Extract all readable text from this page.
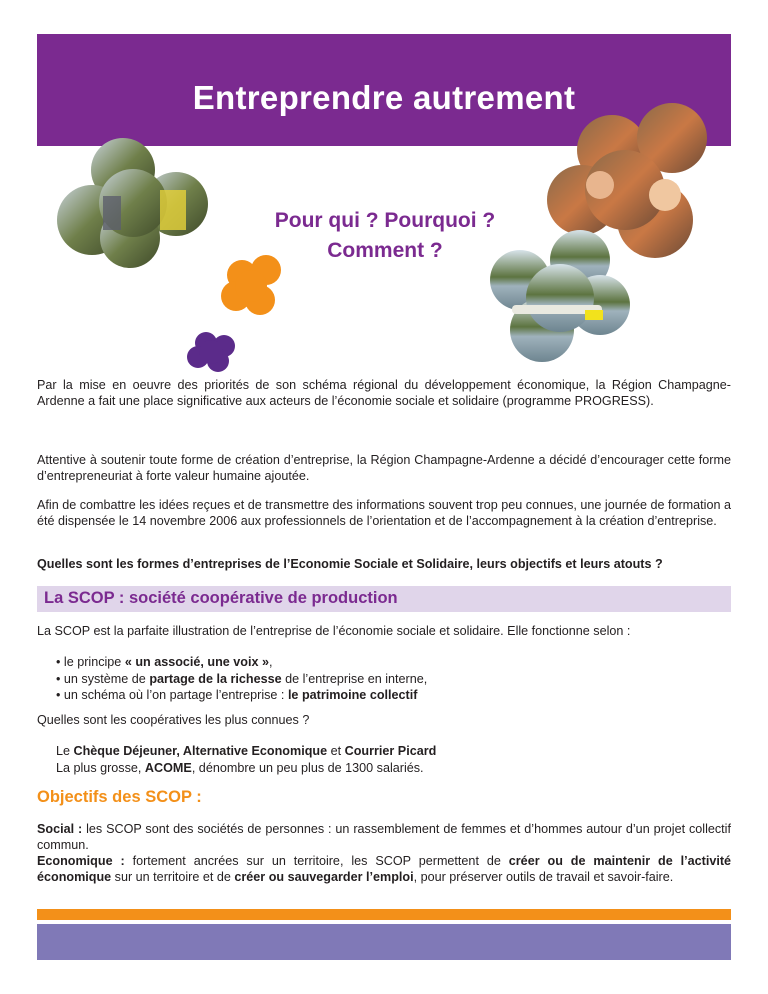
Entreprendre autrement
Pour qui ? Pourquoi ?
Comment ?

Par la mise en oeuvre des priorités de son schéma régional du développement économique, la Région Champagne-Ardenne a fait une place significative aux acteurs de l’économie sociale et solidaire (programme PROGRESS).

Attentive à soutenir toute forme de création d’entreprise, la Région Champagne-Ardenne a décidé d’encourager cette forme d’entrepreneuriat à forte valeur humaine ajoutée.

Afin de combattre les idées reçues et de transmettre des informations souvent trop peu connues, une journée de formation a été dispensée le 14 novembre 2006 aux professionnels de l’orientation et de l’accompagnement à la création d’entreprise.

Quelles sont les formes d’entreprises de l’Economie Sociale et Solidaire, leurs objectifs et leurs atouts ?

La SCOP : société coopérative de production

La SCOP est la parfaite illustration de l’entreprise de l’économie sociale et solidaire. Elle fonctionne selon :

• le principe « un associé, une voix »,
• un système de partage de la richesse de l’entreprise en interne,
• un schéma où l’on partage l’entreprise : le patrimoine collectif

Quelles sont les coopératives les plus connues ?

Le Chèque Déjeuner, Alternative Economique et Courrier Picard
La plus grosse, ACOME, dénombre un peu plus de 1300 salariés.
Objectifs des SCOP :
Social : les SCOP sont des sociétés de personnes : un rassemblement de femmes et d’hommes autour d’un projet collectif commun.
Economique : fortement ancrées sur un territoire, les SCOP permettent de créer ou de maintenir de l’activité économique sur un territoire et de créer ou sauvegarder l’emploi, pour préserver outils de travail et savoir-faire.
